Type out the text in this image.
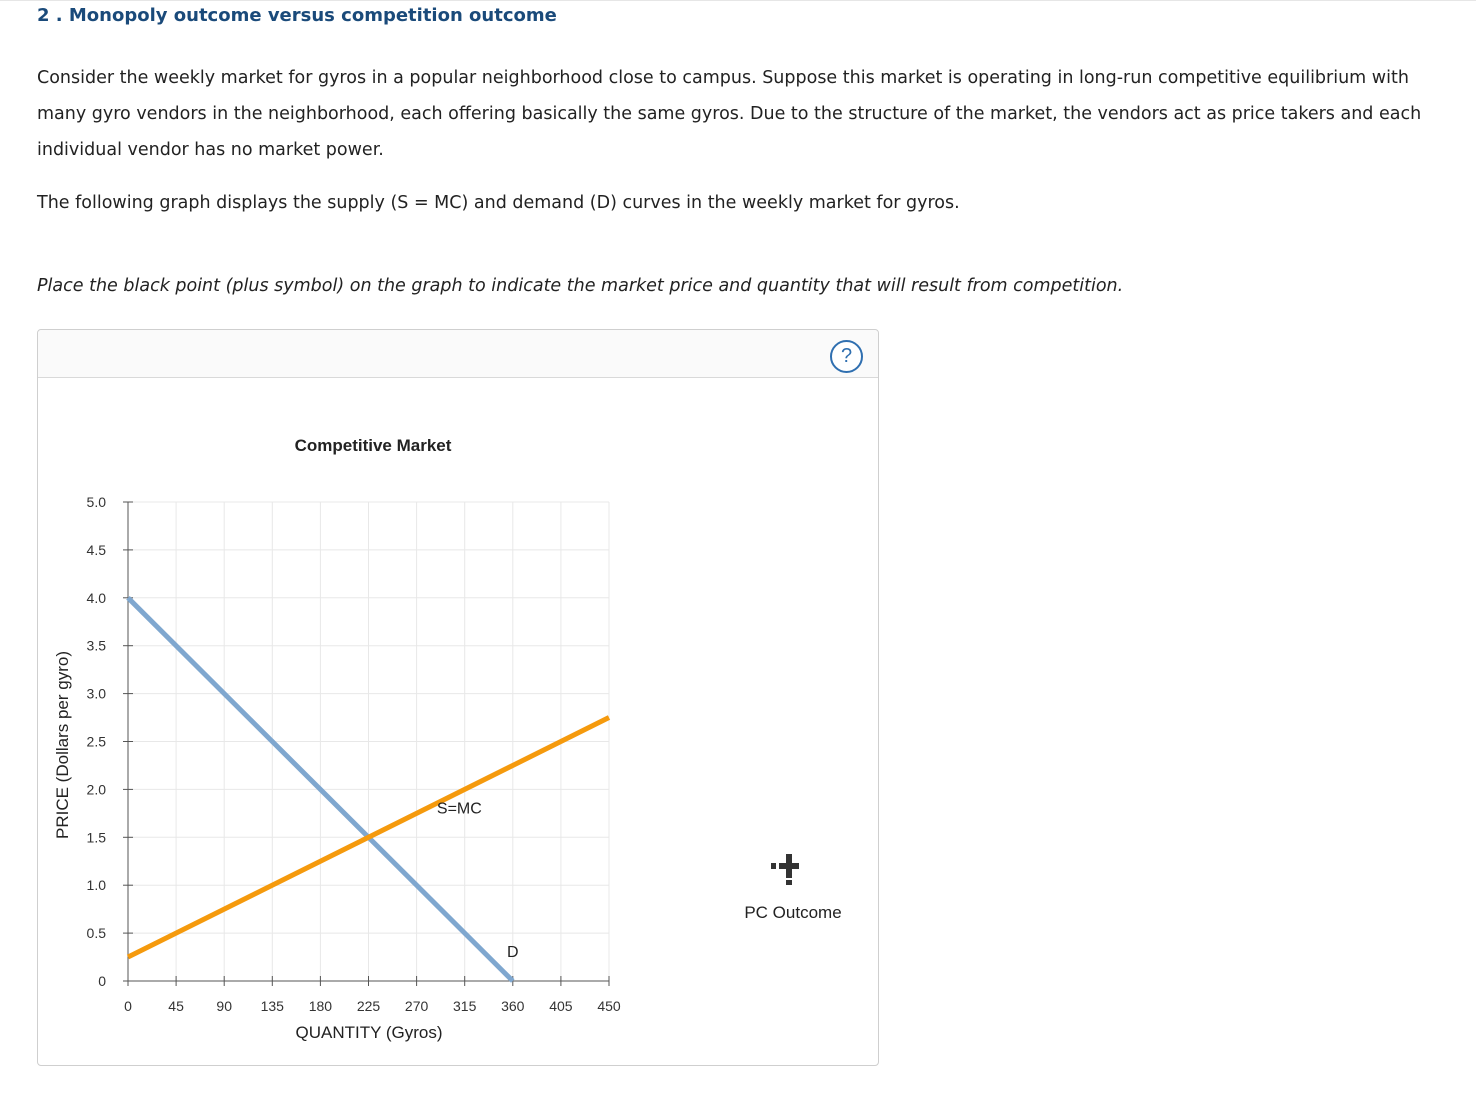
2 . Monopoly outcome versus competition outcome

Consider the weekly market for gyros in a popular neighborhood close to campus. Suppose this market is operating in long-run competitive equilibrium with many gyro vendors in the neighborhood, each offering basically the same gyros. Due to the structure of the market, the vendors act as price takers and each individual vendor has no market power.

The following graph displays the supply (S = MC) and demand (D) curves in the weekly market for gyros.

Place the black point (plus symbol) on the graph to indicate the market price and quantity that will result from competition.

?
Competitive Market
0	45 90 135 180 225 270 315 360 405 450
0
0.5
1.0
1.5
2.0
2.5
3.0
3.5
4.0
4.5
5.0
D
S=MC
QUANTITY (Gyros)
PRICE (Dollars per gyro)
PC Outcome
